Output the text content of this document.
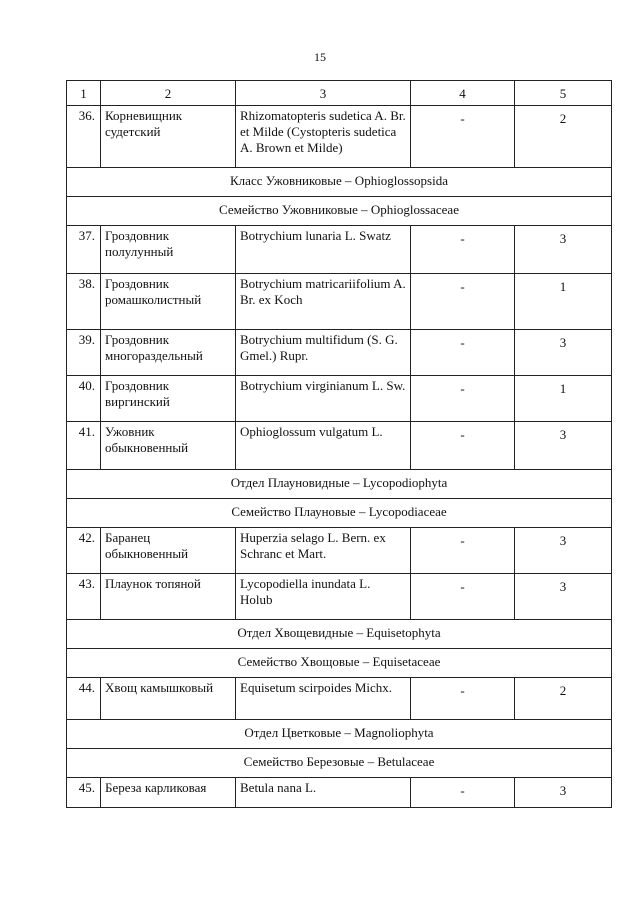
15
1	2	3	4	5
36.	Корневищник судетский	Rhizomatopteris sudetica A. Br. et Milde (Cystopteris sudetica A. Brown et Milde)	-	2
Класс Ужовниковые – Ophioglossopsida				
Семейство Ужовниковые – Ophioglossaceae				
37.	Гроздовник полулунный	Botrychium lunaria L. Swatz	-	3
38.	Гроздовник ромашколистный	Botrychium matricariifolium A. Br. ex Koch	-	1
39.	Гроздовник многораздельный	Botrychium multifidum (S. G. Gmel.) Rupr.	-	3
40.	Гроздовник виргинский	Botrychium virginianum L. Sw.	-	1
41.	Ужовник обыкновенный	Ophioglossum vulgatum L.	-	3
Отдел Плауновидные – Lycopodiophyta				
Семейство Плауновые – Lycopodiaceae				
42.	Баранец обыкновенный	Huperzia selago L. Bern. ex Schranc et Mart.	-	3
43.	Плаунок топяной	Lycopodiella inundata L. Holub	-	3
Отдел Хвощевидные – Equisetophyta				
Семейство Хвощовые – Equisetaceae				
44.	Хвощ камышковый	Equisetum scirpoides Michx.	-	2
Отдел Цветковые – Magnoliophyta				
Семейство Березовые – Betulaceae				
45.	Береза карликовая	Betula nana L.	-	3
